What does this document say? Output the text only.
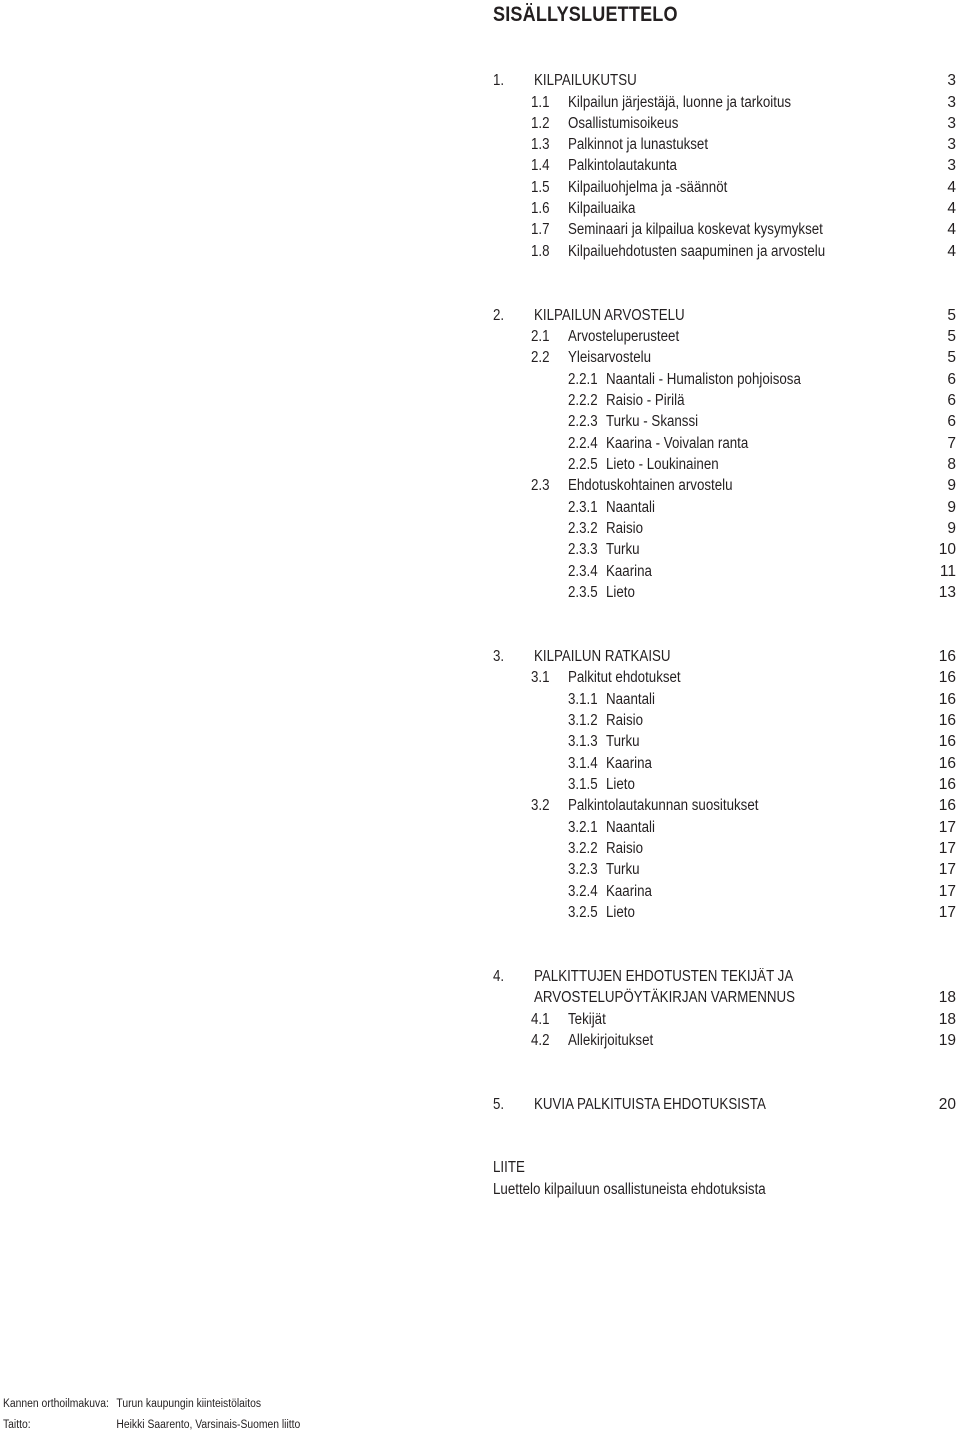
SISÄLLYSLUETTELO
1. KILPAILUKUTSU	3
1.1 Kilpailun järjestäjä, luonne ja tarkoitus	3
1.2 Osallistumisoikeus	3
1.3 Palkinnot ja lunastukset	3
1.4 Palkintolautakunta	3
1.5 Kilpailuohjelma ja -säännöt	4
1.6 Kilpailuaika	4
1.7 Seminaari ja kilpailua koskevat kysymykset	4
1.8 Kilpailuehdotusten saapuminen ja arvostelu	4
2. KILPAILUN ARVOSTELU	5
2.1 Arvosteluperusteet	5
2.2 Yleisarvostelu	5
2.2.1 Naantali - Humaliston pohjoisosa	6
2.2.2 Raisio - Pirilä	6
2.2.3 Turku - Skanssi	6
2.2.4 Kaarina - Voivalan ranta	7
2.2.5 Lieto - Loukinainen	8
2.3 Ehdotuskohtainen arvostelu	9
2.3.1 Naantali	9
2.3.2 Raisio	9
2.3.3 Turku	10
2.3.4 Kaarina	11
2.3.5 Lieto	13
3. KILPAILUN RATKAISU	16
3.1 Palkitut ehdotukset	16
3.1.1 Naantali	16
3.1.2 Raisio	16
3.1.3 Turku	16
3.1.4 Kaarina	16
3.1.5 Lieto	16
3.2 Palkintolautakunnan suositukset	16
3.2.1 Naantali	17
3.2.2 Raisio	17
3.2.3 Turku	17
3.2.4 Kaarina	17
3.2.5 Lieto	17
4. PALKITTUJEN EHDOTUSTEN TEKIJÄT JA
ARVOSTELUPÖYTÄKIRJAN VARMENNUS	18
4.1 Tekijät	18
4.2 Allekirjoitukset	19
5. KUVIA PALKITUISTA EHDOTUKSISTA	20
LIITE
Luettelo kilpailuun osallistuneista ehdotuksista
Kannen orthoilmakuva: Turun kaupungin kiinteistölaitos
Taitto:	Heikki Saarento, Varsinais-Suomen liitto
